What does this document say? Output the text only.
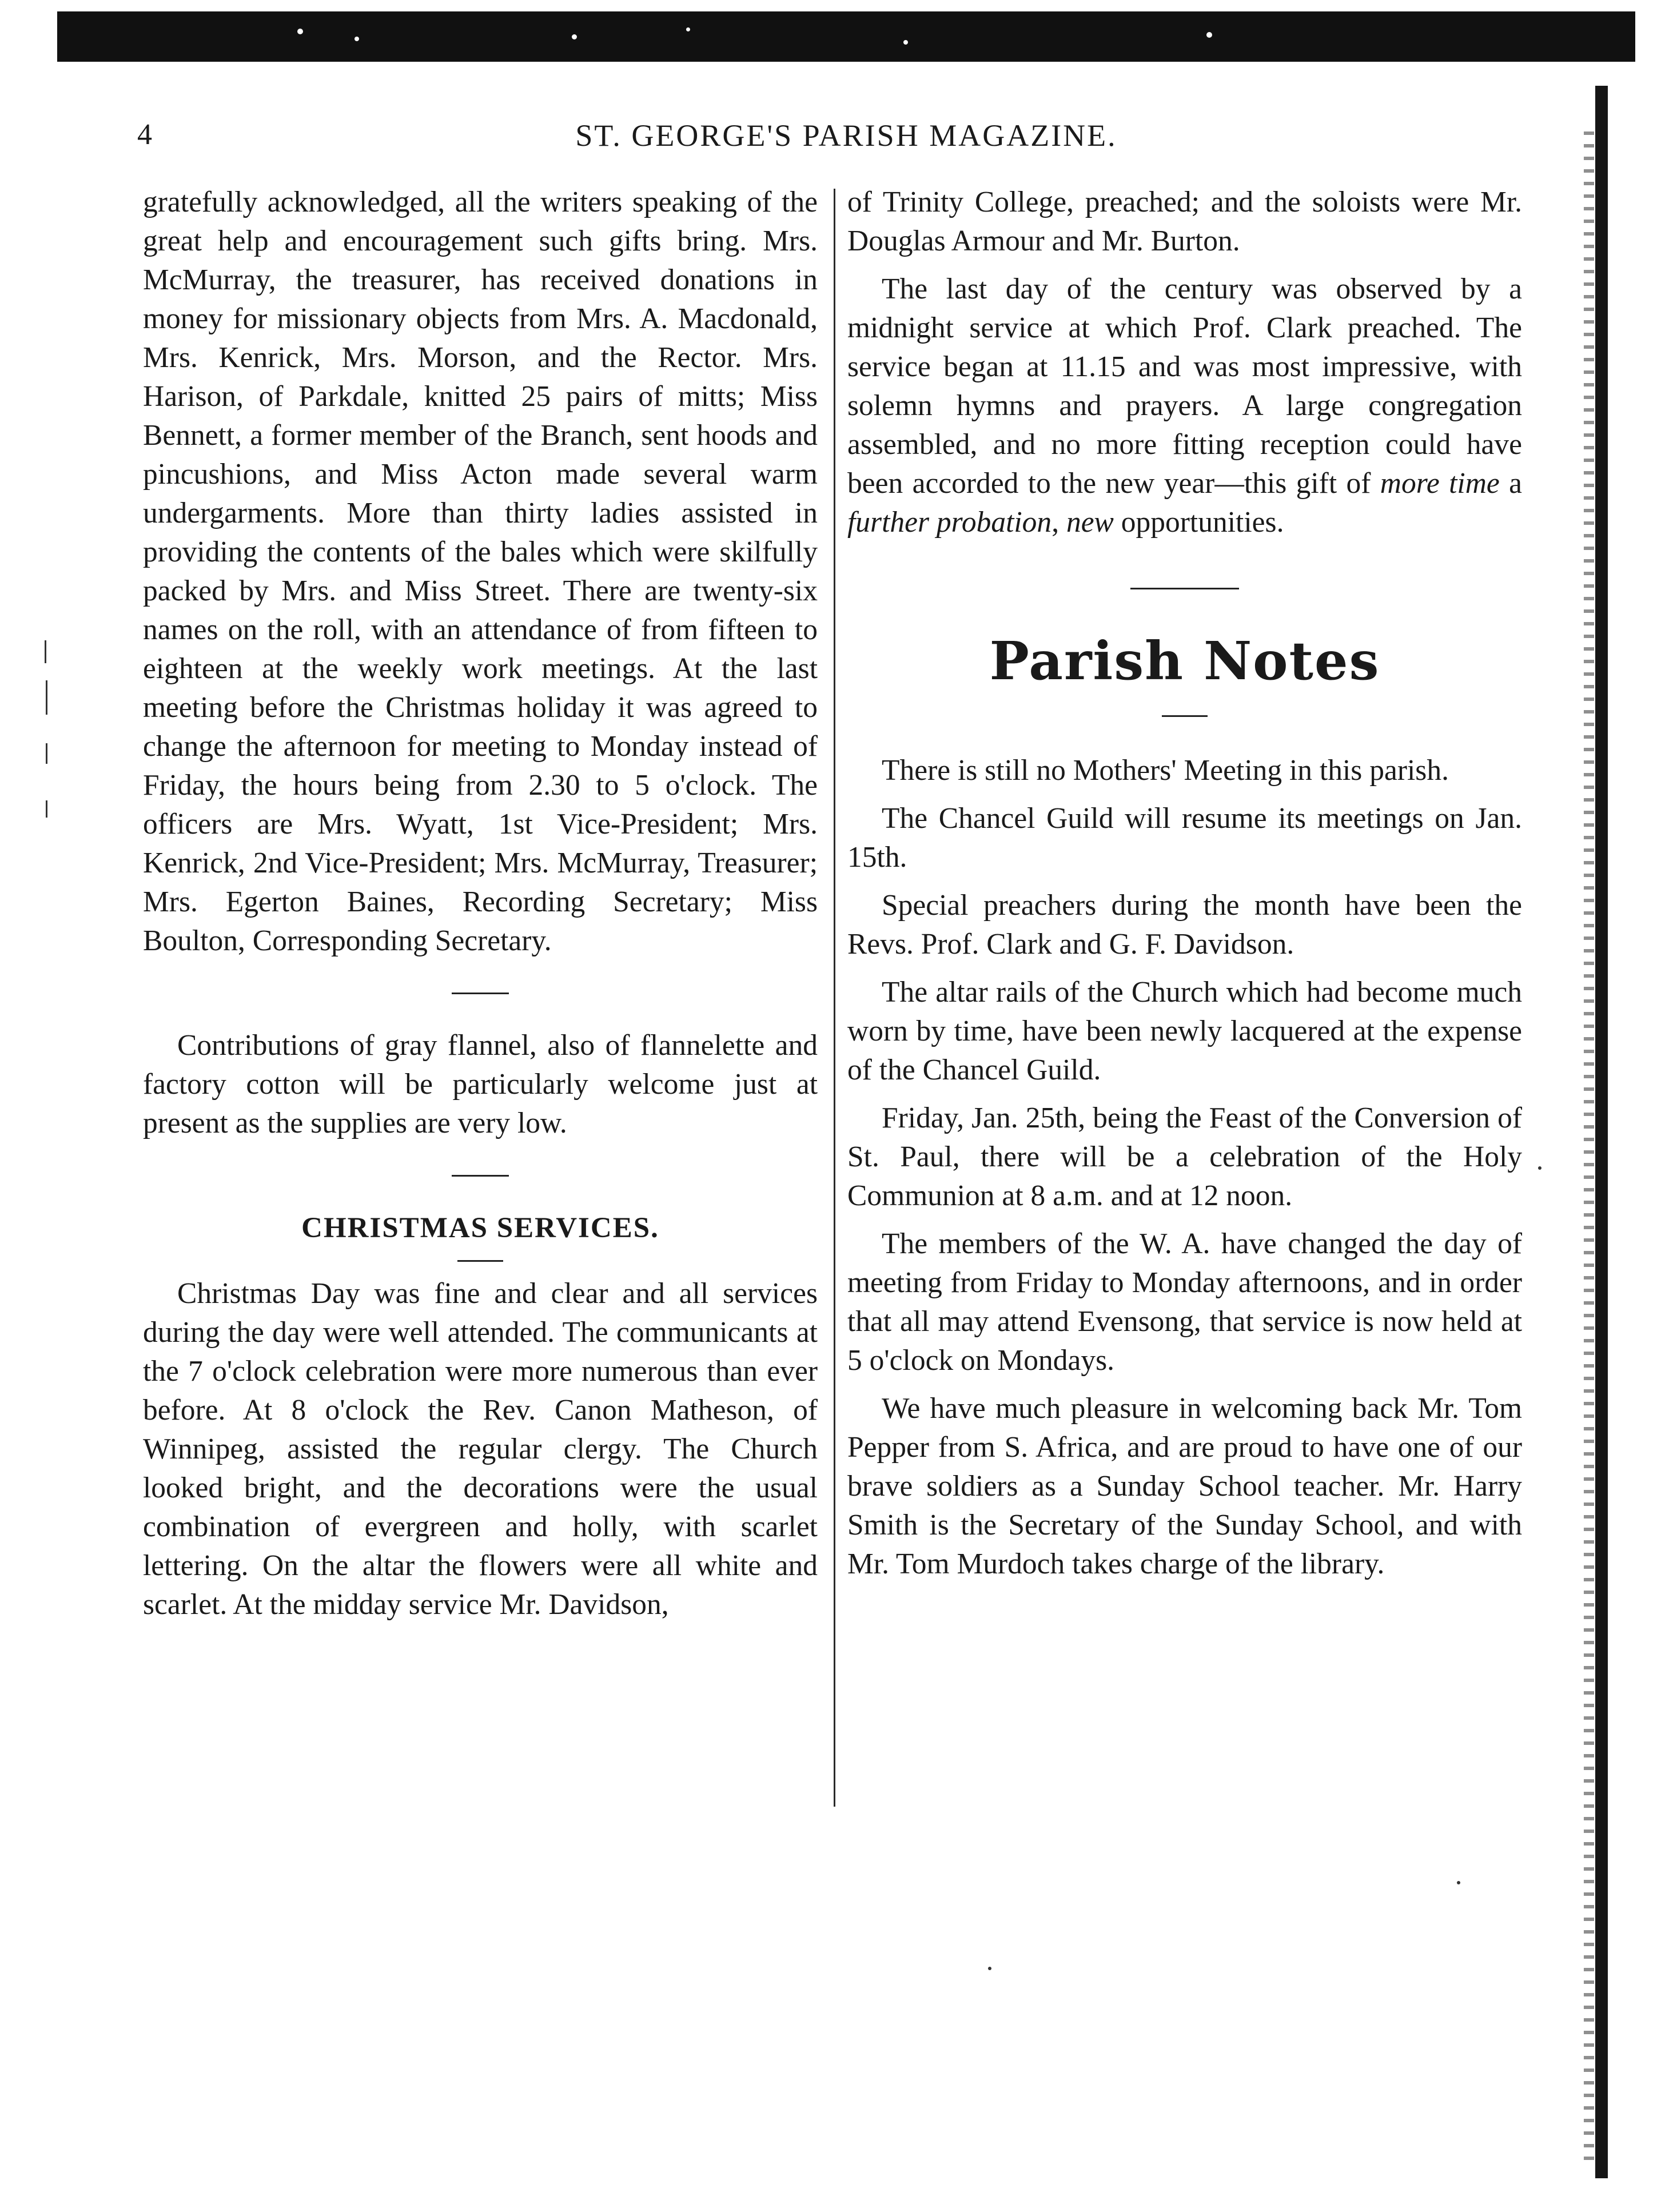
4	ST. GEORGE'S PARISH MAGAZINE.

gratefully acknowledged, all the writers speaking of the great help and encouragement such gifts bring. Mrs. McMurray, the treasurer, has received donations in money for missionary objects from Mrs. A. Macdonald, Mrs. Kenrick, Mrs. Morson, and the Rector. Mrs. Harison, of Parkdale, knitted 25 pairs of mitts; Miss Bennett, a former member of the Branch, sent hoods and pincushions, and Miss Acton made several warm undergarments. More than thirty ladies assisted in providing the contents of the bales which were skilfully packed by Mrs. and Miss Street. There are twenty-six names on the roll, with an attendance of from fifteen to eighteen at the weekly work meetings. At the last meeting before the Christmas holiday it was agreed to change the afternoon for meeting to Monday instead of Friday, the hours being from 2.30 to 5 o'clock. The officers are Mrs. Wyatt, 1st Vice-President; Mrs. Kenrick, 2nd Vice-President; Mrs. McMurray, Treasurer; Mrs. Egerton Baines, Recording Secretary; Miss Boulton, Corresponding Secretary.

Contributions of gray flannel, also of flannelette and factory cotton will be particularly welcome just at present as the supplies are very low.

CHRISTMAS SERVICES.

Christmas Day was fine and clear and all services during the day were well attended. The communicants at the 7 o'clock celebration were more numerous than ever before. At 8 o'clock the Rev. Canon Matheson, of Winnipeg, assisted the regular clergy. The Church looked bright, and the decorations were the usual combination of evergreen and holly, with scarlet lettering. On the altar the flowers were all white and scarlet. At the midday service Mr. Davidson,

of Trinity College, preached; and the soloists were Mr. Douglas Armour and Mr. Burton.

The last day of the century was observed by a midnight service at which Prof. Clark preached. The service began at 11.15 and was most impressive, with solemn hymns and prayers. A large congregation assembled, and no more fitting reception could have been accorded to the new year—this gift of more time a further probation, new opportunities.

Parish Notes

There is still no Mothers' Meeting in this parish.

The Chancel Guild will resume its meetings on Jan. 15th.

Special preachers during the month have been the Revs. Prof. Clark and G. F. Davidson.

The altar rails of the Church which had become much worn by time, have been newly lacquered at the expense of the Chancel Guild.

Friday, Jan. 25th, being the Feast of the Conversion of St. Paul, there will be a celebration of the Holy Communion at 8 a.m. and at 12 noon.

The members of the W. A. have changed the day of meeting from Friday to Monday afternoons, and in order that all may attend Evensong, that service is now held at 5 o'clock on Mondays.

We have much pleasure in welcoming back Mr. Tom Pepper from S. Africa, and are proud to have one of our brave soldiers as a Sunday School teacher. Mr. Harry Smith is the Secretary of the Sunday School, and with Mr. Tom Murdoch takes charge of the library.
